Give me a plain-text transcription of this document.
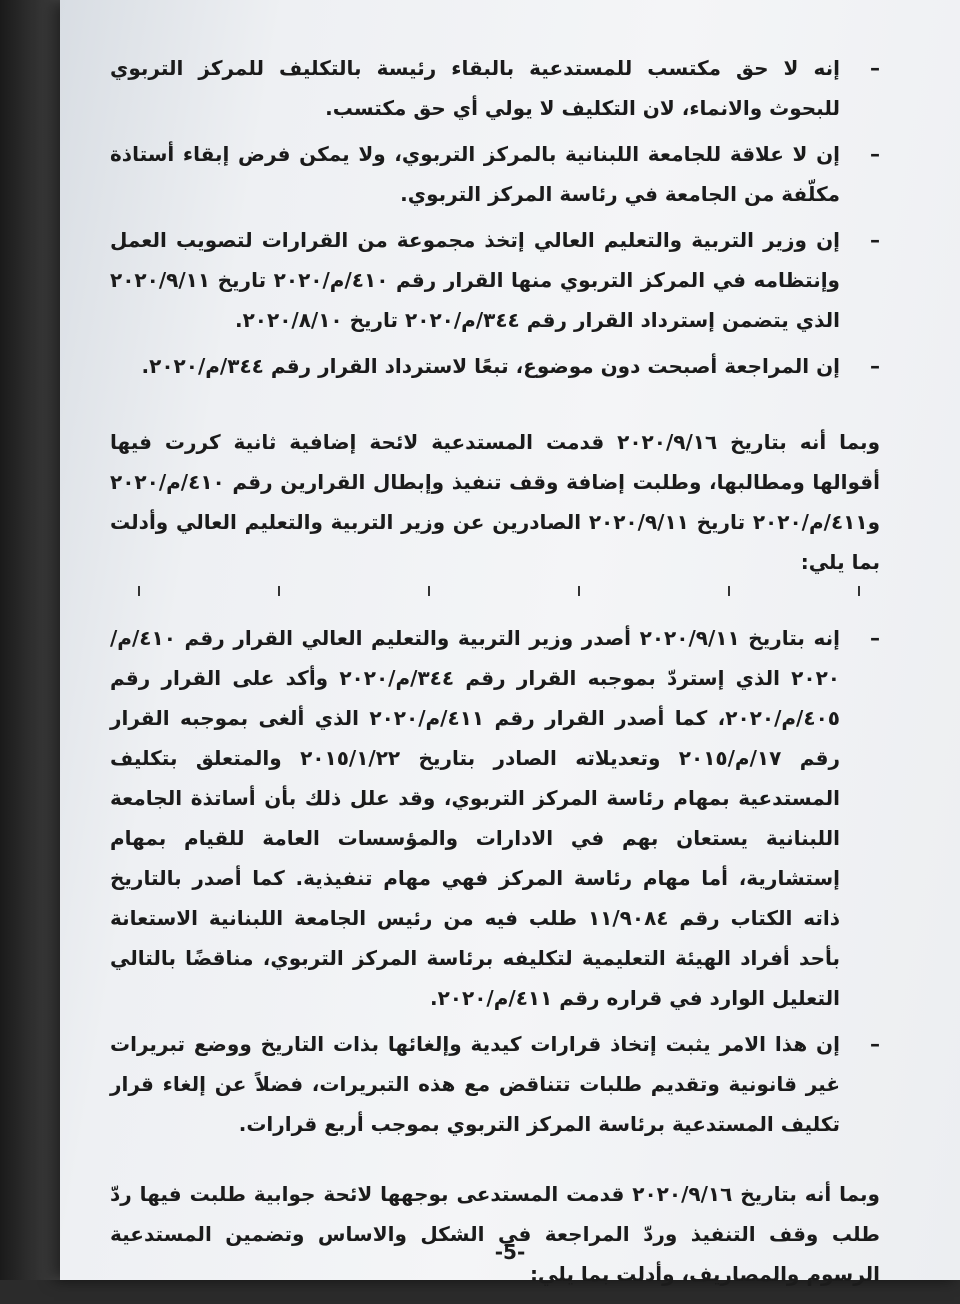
–
إنه لا حق مكتسب للمستدعية بالبقاء رئيسة بالتكليف للمركز التربوي للبحوث والانماء، لان التكليف لا يولي أي حق مكتسب.
–
إن لا علاقة للجامعة اللبنانية بالمركز التربوي، ولا يمكن فرض إبقاء أستاذة مكلّفة من الجامعة في رئاسة المركز التربوي.
–
إن وزير التربية والتعليم العالي إتخذ مجموعة من القرارات لتصويب العمل وإنتظامه في المركز التربوي منها القرار رقم ٤١٠/م/٢٠٢٠ تاريخ ٢٠٢٠/٩/١١ الذي يتضمن إسترداد القرار رقم ٣٤٤/م/٢٠٢٠ تاريخ ٢٠٢٠/٨/١٠.
–
إن المراجعة أصبحت دون موضوع، تبعًا لاسترداد القرار رقم ٣٤٤/م/٢٠٢٠.
وبما أنه بتاريخ ٢٠٢٠/٩/١٦ قدمت المستدعية لائحة إضافية ثانية كررت فيها أقوالها ومطالبها، وطلبت إضافة وقف تنفيذ وإبطال القرارين رقم ٤١٠/م/٢٠٢٠ و٤١١/م/٢٠٢٠ تاريخ ٢٠٢٠/٩/١١ الصادرين عن وزير التربية والتعليم العالي وأدلت بما يلي:
–
إنه بتاريخ ٢٠٢٠/٩/١١ أصدر وزير التربية والتعليم العالي القرار رقم ٤١٠/م/٢٠٢٠ الذي إستردّ بموجبه القرار رقم ٣٤٤/م/٢٠٢٠ وأكد على القرار رقم ٤٠٥/م/٢٠٢٠، كما أصدر القرار رقم ٤١١/م/٢٠٢٠ الذي ألغى بموجبه القرار رقم ١٧/م/٢٠١٥ وتعديلاته الصادر بتاريخ ٢٠١٥/١/٢٢ والمتعلق بتكليف المستدعية بمهام رئاسة المركز التربوي، وقد علل ذلك بأن أساتذة الجامعة اللبنانية يستعان بهم في الادارات والمؤسسات العامة للقيام بمهام إستشارية، أما مهام رئاسة المركز فهي مهام تنفيذية. كما أصدر بالتاريخ ذاته الكتاب رقم ١١/٩٠٨٤ طلب فيه من رئيس الجامعة اللبنانية الاستعانة بأحد أفراد الهيئة التعليمية لتكليفه برئاسة المركز التربوي، مناقضًا بالتالي التعليل الوارد في قراره رقم ٤١١/م/٢٠٢٠.
–
إن هذا الامر يثبت إتخاذ قرارات كيدية وإلغائها بذات التاريخ ووضع تبريرات غير قانونية وتقديم طلبات تتناقض مع هذه التبريرات، فضلاً عن إلغاء قرار تكليف المستدعية برئاسة المركز التربوي بموجب أربع قرارات.
وبما أنه بتاريخ ٢٠٢٠/٩/١٦ قدمت المستدعى بوجهها لائحة جوابية طلبت فيها ردّ طلب وقف التنفيذ وردّ المراجعة في الشكل والاساس وتضمين المستدعية الرسوم والمصاريف، وأدلت بما يلي:
-5-
